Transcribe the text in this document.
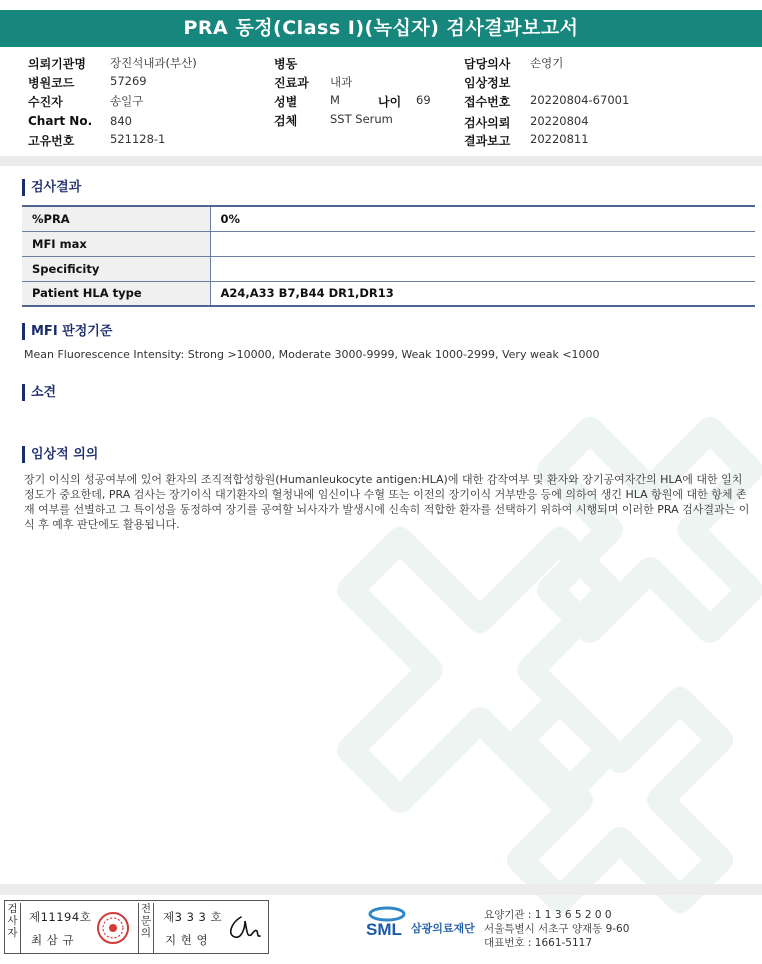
PRA 동정(Class I)(녹십자) 검사결과보고서
의뢰기관명 장진석내과(부산)
병원코드	57269
수진자	송일구
Chart No. 840
고유번호	521128-1
병동
진료과 내과
성별	M	나이 69
검체	SST Serum
담당의사 손영기
임상정보
접수번호 20220804-67001
검사의뢰 20220804
결과보고 20220811
검사결과
%PRA	0%
MFI max	
Specificity	
Patient HLA type	A24,A33 B7,B44 DR1,DR13
MFI 판정기준
Mean Fluorescence Intensity: Strong >10000, Moderate 3000-9999, Weak 1000-2999, Very weak <1000
소견
임상적 의의
장기 이식의 성공여부에 있어 환자의 조직적합성항원(Humanleukocyte antigen:HLA)에 대한 감작여부 및 환자와 장기공여자간의 HLA에 대한 일치 정도가 중요한데, PRA 검사는 장기이식 대기환자의 혈청내에 임신이나 수혈 또는 이전의 장기이식 거부반응 등에 의하여 생긴 HLA 항원에 대한 항체 존재 여부를 선별하고 그 특이성을 동정하여 장기를 공여할 뇌사자가 발생시에 신속히 적합한 환자를 선택하기 위하여 시행되며 이러한 PRA 검사결과는 이식 후 예후 판단에도 활용됩니다.
검사자
제11194호
최 삼 규
전문의
제3 3 3 호
지 현 영
SML 삼광의료재단
요양기관 : 1 1 3 6 5 2 0 0
서울특별시 서초구 양재동 9-60
대표번호 : 1661-5117
